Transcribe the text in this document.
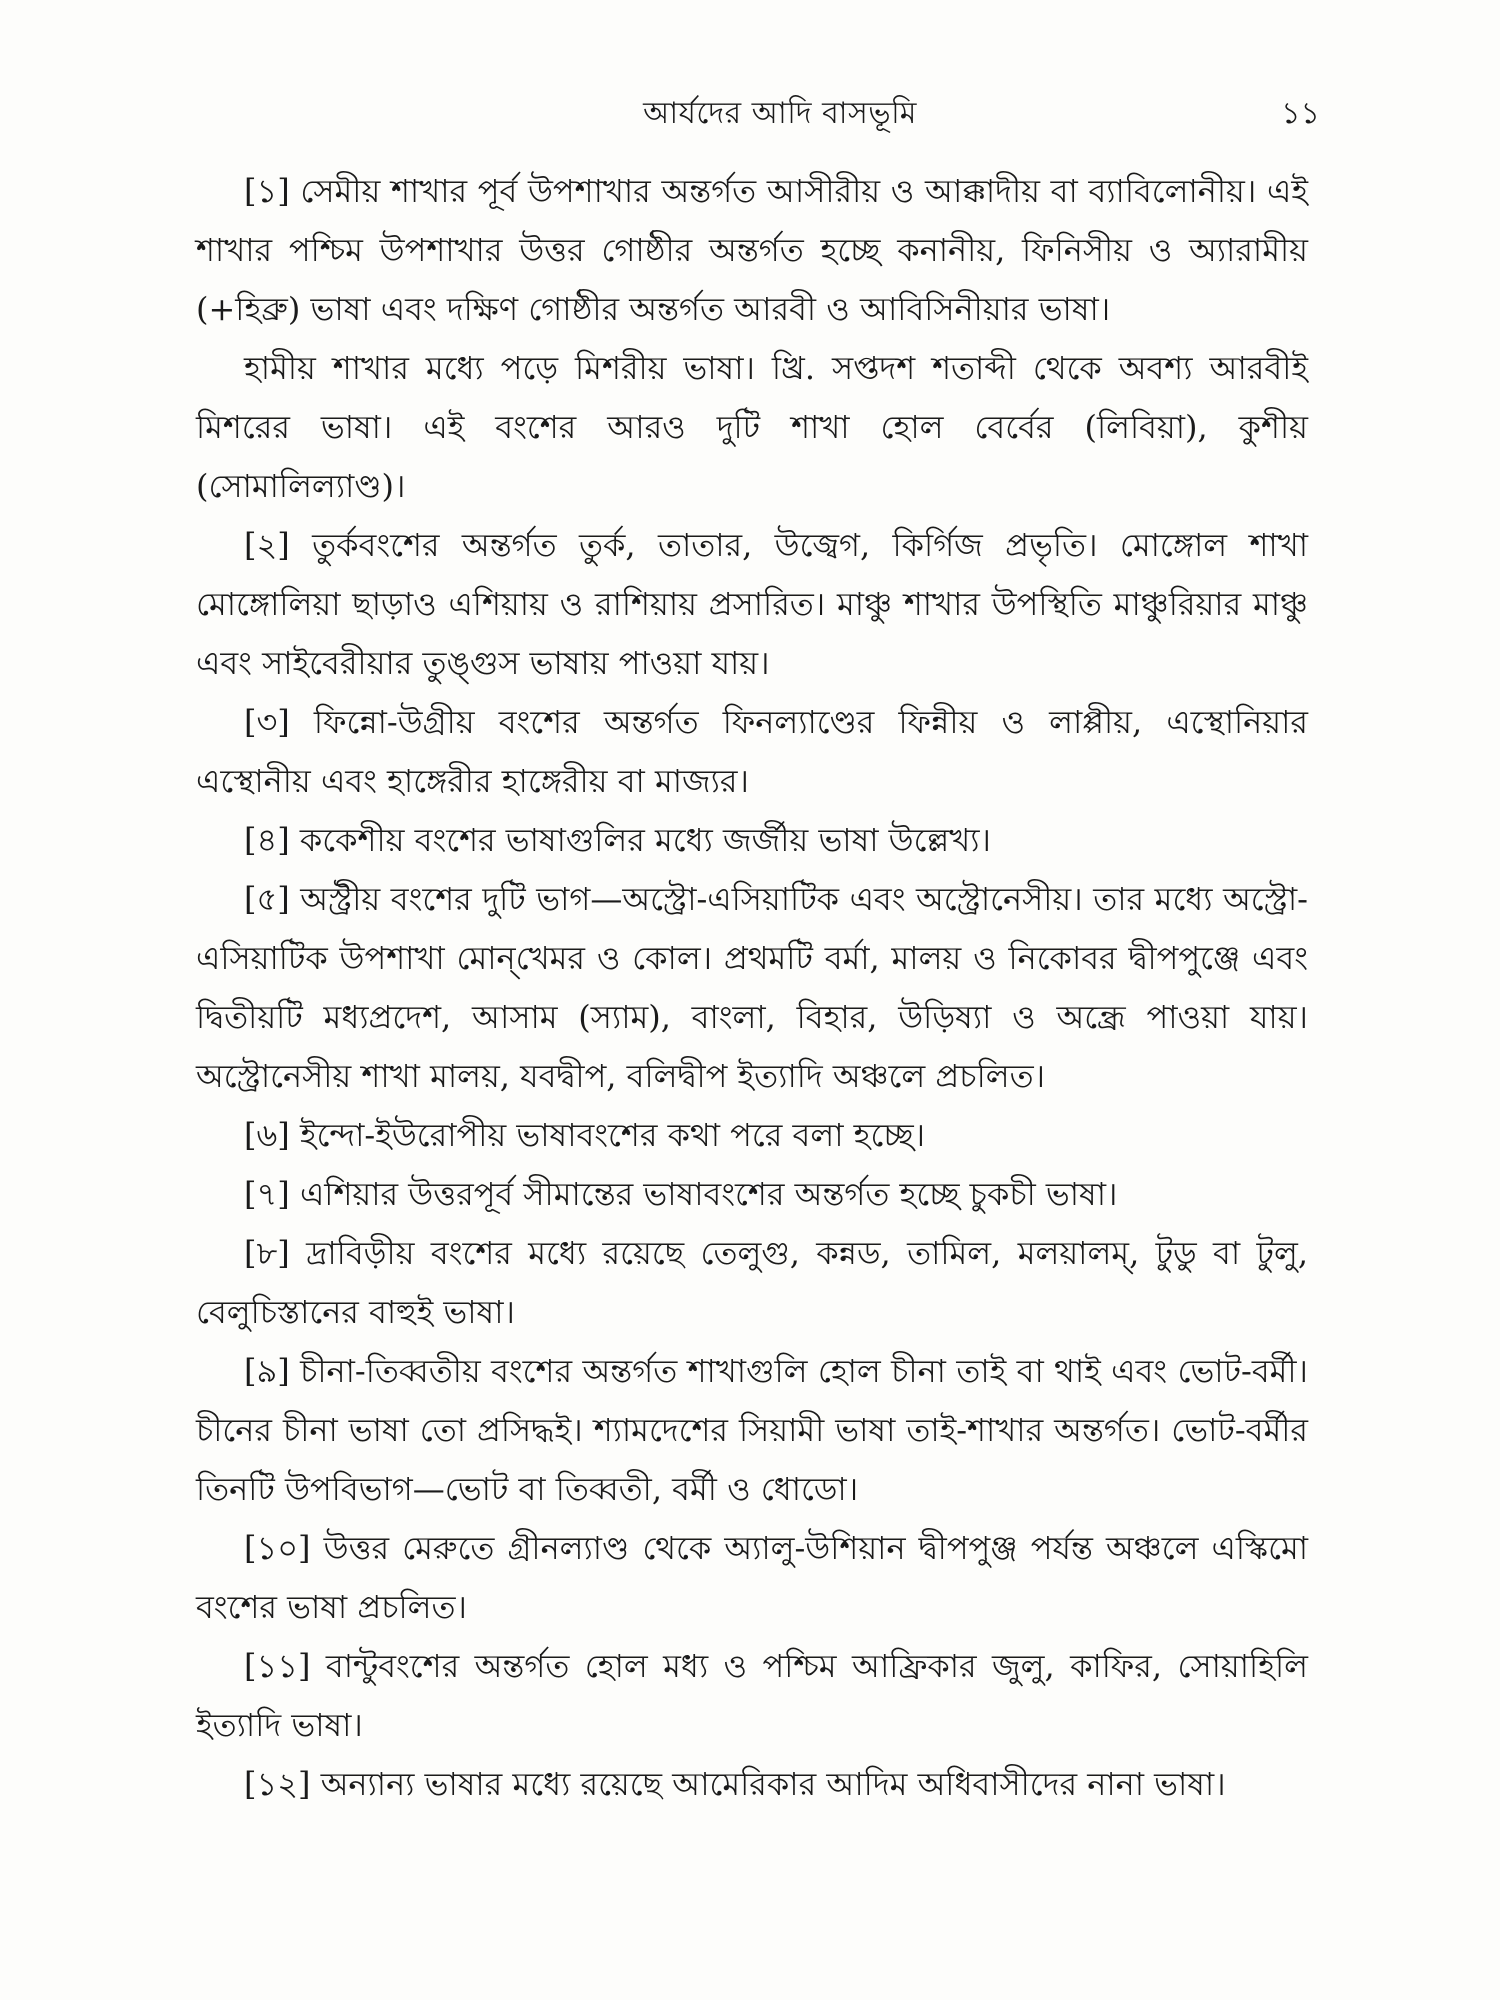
আর্যদের আদি বাসভূমি	১১

[১] সেমীয় শাখার পূর্ব উপশাখার অন্তর্গত আসীরীয় ও আক্কাদীয় বা ব্যাবিলোনীয়। এই শাখার পশ্চিম উপশাখার উত্তর গোষ্ঠীর অন্তর্গত হচ্ছে কনানীয়, ফিনিসীয় ও অ্যারামীয় (+হিব্রু) ভাষা এবং দক্ষিণ গোষ্ঠীর অন্তর্গত আরবী ও আবিসিনীয়ার ভাষা।

হামীয় শাখার মধ্যে পড়ে মিশরীয় ভাষা। খ্রি. সপ্তদশ শতাব্দী থেকে অবশ্য আরবীই মিশরের ভাষা। এই বংশের আরও দুটি শাখা হোল বের্বের (লিবিয়া), কুশীয় (সোমালিল্যাণ্ড)।

[২] তুর্কবংশের অন্তর্গত তুর্ক, তাতার, উজ্বেগ, কির্গিজ প্রভৃতি। মোঙ্গোল শাখা মোঙ্গোলিয়া ছাড়াও এশিয়ায় ও রাশিয়ায় প্রসারিত। মাঞ্চু শাখার উপস্থিতি মাঞ্চুরিয়ার মাঞ্চু এবং সাইবেরীয়ার তুঙ্গুস ভাষায় পাওয়া যায়।

[৩] ফিন্নো-উগ্রীয় বংশের অন্তর্গত ফিনল্যাণ্ডের ফিন্নীয় ও লাপ্পীয়, এস্থোনিয়ার এস্থোনীয় এবং হাঙ্গেরীর হাঙ্গেরীয় বা মাজ্যর।

[৪] ককেশীয় বংশের ভাষাগুলির মধ্যে জর্জীয় ভাষা উল্লেখ্য।

[৫] অস্ট্রীয় বংশের দুটি ভাগ—অস্ট্রো-এসিয়াটিক এবং অস্ট্রোনেসীয়। তার মধ্যে অস্ট্রো-এসিয়াটিক উপশাখা মোন্‌খেমর ও কোল। প্রথমটি বর্মা, মালয় ও নিকোবর দ্বীপপুঞ্জে এবং দ্বিতীয়টি মধ্যপ্রদেশ, আসাম (স্যাম), বাংলা, বিহার, উড়িষ্যা ও অন্ধ্রে পাওয়া যায়। অস্ট্রোনেসীয় শাখা মালয়, যবদ্বীপ, বলিদ্বীপ ইত্যাদি অঞ্চলে প্রচলিত।

[৬] ইন্দো-ইউরোপীয় ভাষাবংশের কথা পরে বলা হচ্ছে।

[৭] এশিয়ার উত্তরপূর্ব সীমান্তের ভাষাবংশের অন্তর্গত হচ্ছে চুকচী ভাষা।

[৮] দ্রাবিড়ীয় বংশের মধ্যে রয়েছে তেলুগু, কন্নড, তামিল, মলয়ালম্‌, টুডু বা টুলু, বেলুচিস্তানের বাহুই ভাষা।

[৯] চীনা-তিব্বতীয় বংশের অন্তর্গত শাখাগুলি হোল চীনা তাই বা থাই এবং ভোট-বর্মী। চীনের চীনা ভাষা তো প্রসিদ্ধই। শ্যামদেশের সিয়ামী ভাষা তাই-শাখার অন্তর্গত। ভোট-বর্মীর তিনটি উপবিভাগ—ভোট বা তিব্বতী, বর্মী ও ধোডো।

[১০] উত্তর মেরুতে গ্রীনল্যাণ্ড থেকে অ্যালু-উশিয়ান দ্বীপপুঞ্জ পর্যন্ত অঞ্চলে এস্কিমো বংশের ভাষা প্রচলিত।

[১১] বান্টুবংশের অন্তর্গত হোল মধ্য ও পশ্চিম আফ্রিকার জুলু, কাফির, সোয়াহিলি ইত্যাদি ভাষা।

[১২] অন্যান্য ভাষার মধ্যে রয়েছে আমেরিকার আদিম অধিবাসীদের নানা ভাষা।
